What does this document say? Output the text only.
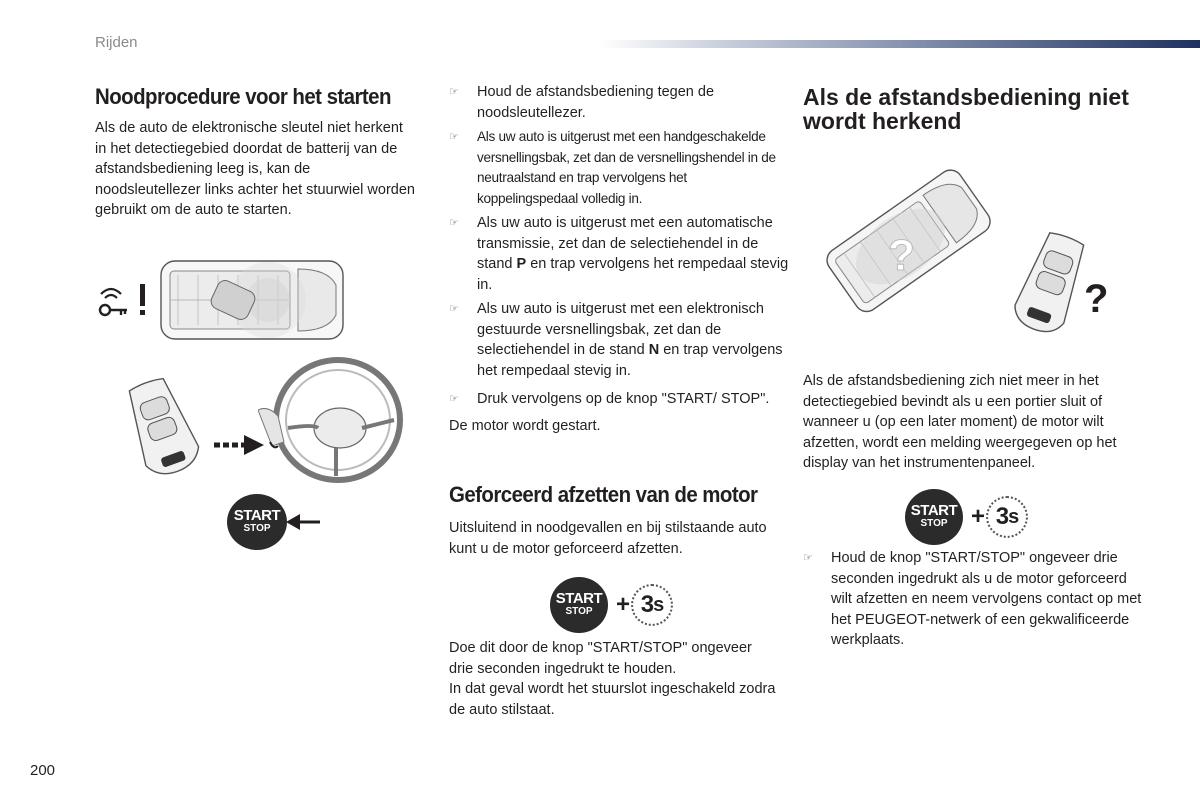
Rijden
Noodprocedure voor het starten

Als de auto de elektronische sleutel niet herkent in het detectiegebied doordat de batterij van de afstandsbediening leeg is, kan de noodsleutellezer links achter het stuurwiel worden gebruikt om de auto te starten.

START
STOP
☞ Houd de afstandsbediening tegen de noodsleutellezer.
☞ Als uw auto is uitgerust met een handgeschakelde versnellingsbak, zet dan de versnellingshendel in de neutraalstand en trap vervolgens het koppelingspedaal volledig in.
☞ Als uw auto is uitgerust met een automatische transmissie, zet dan de selectiehendel in de stand P en trap vervolgens het rempedaal stevig in.
☞ Als uw auto is uitgerust met een elektronisch gestuurde versnellingsbak, zet dan de selectiehendel in de stand N en trap vervolgens het rempedaal stevig in.
☞ Druk vervolgens op de knop "START/ STOP".

De motor wordt gestart.

Geforceerd afzetten van de motor

Uitsluitend in noodgevallen en bij stilstaande auto kunt u de motor geforceerd afzetten.

START
STOP + 3 s

Doe dit door de knop "START/STOP" ongeveer drie seconden ingedrukt te houden.

In dat geval wordt het stuurslot ingeschakeld zodra de auto stilstaat.

Als de afstandsbediening niet wordt herkend
?
?

Als de afstandsbediening zich niet meer in het detectiegebied bevindt als u een portier sluit of wanneer u (op een later moment) de motor wilt afzetten, wordt een melding weergegeven op het display van het instrumentenpaneel.

START
STOP + 3 s
☞ Houd de knop "START/STOP" ongeveer drie seconden ingedrukt als u de motor geforceerd wilt afzetten en neem vervolgens contact op met het PEUGEOT-netwerk of een gekwalificeerde werkplaats.
200
